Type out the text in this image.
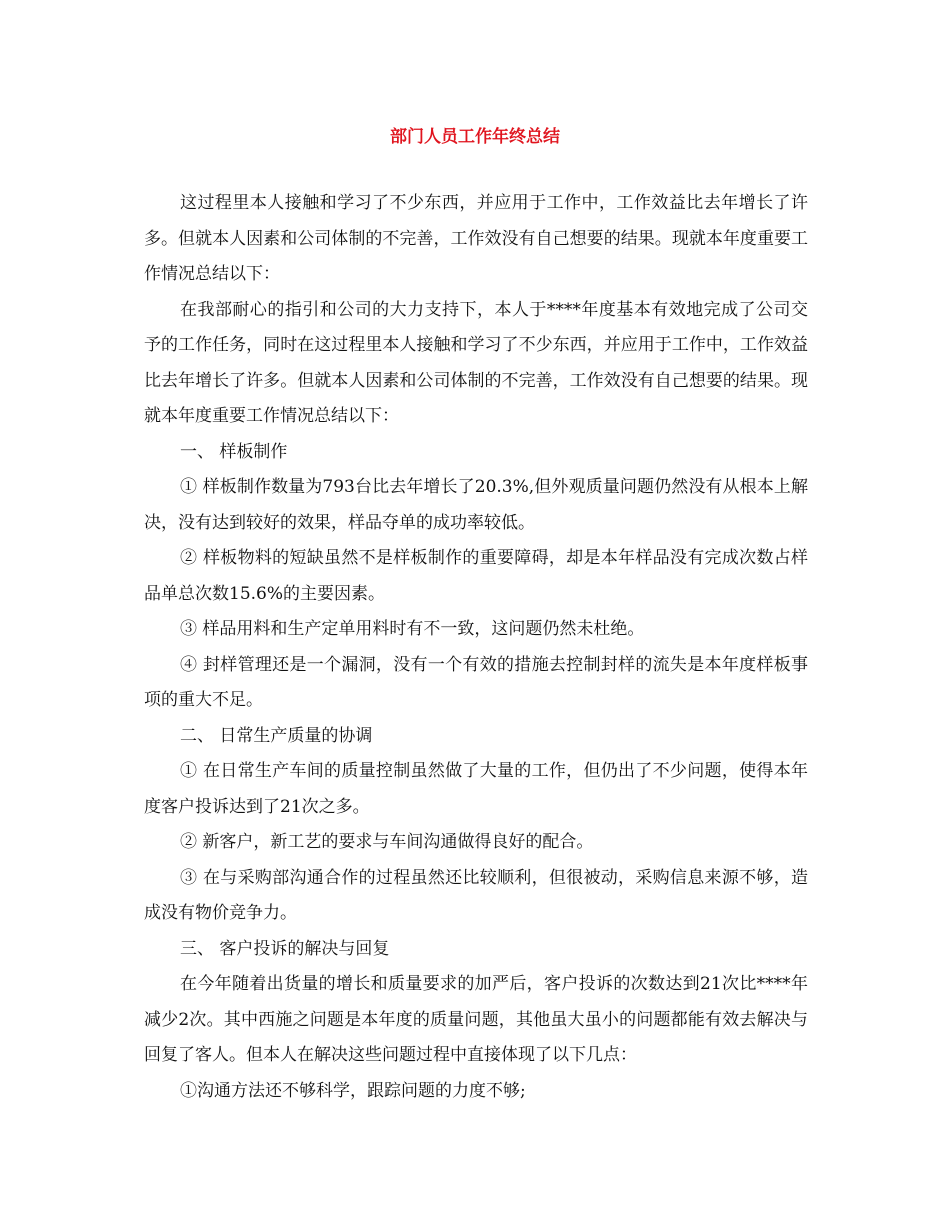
部门人员工作年终总结

这过程里本人接触和学习了不少东西，并应用于工作中，工作效益比去年增长了许多。但就本人因素和公司体制的不完善，工作效没有自己想要的结果。现就本年度重要工作情况总结以下：

在我部耐心的指引和公司的大力支持下，本人于****年度基本有效地完成了公司交予的工作任务，同时在这过程里本人接触和学习了不少东西，并应用于工作中，工作效益比去年增长了许多。但就本人因素和公司体制的不完善，工作效没有自己想要的结果。现就本年度重要工作情况总结以下：

一、 样板制作

① 样板制作数量为793台比去年增长了20.3%,但外观质量问题仍然没有从根本上解决，没有达到较好的效果，样品夺单的成功率较低。

② 样板物料的短缺虽然不是样板制作的重要障碍，却是本年样品没有完成次数占样品单总次数15.6%的主要因素。

③ 样品用料和生产定单用料时有不一致，这问题仍然未杜绝。

④ 封样管理还是一个漏洞，没有一个有效的措施去控制封样的流失是本年度样板事项的重大不足。

二、 日常生产质量的协调

① 在日常生产车间的质量控制虽然做了大量的工作，但仍出了不少问题，使得本年度客户投诉达到了21次之多。

② 新客户，新工艺的要求与车间沟通做得良好的配合。

③ 在与采购部沟通合作的过程虽然还比较顺利，但很被动，采购信息来源不够，造成没有物价竞争力。

三、 客户投诉的解决与回复

在今年随着出货量的增长和质量要求的加严后，客户投诉的次数达到21次比****年减少2次。其中西施之问题是本年度的质量问题，其他虽大虽小的问题都能有效去解决与回复了客人。但本人在解决这些问题过程中直接体现了以下几点：

①沟通方法还不够科学，跟踪问题的力度不够;
